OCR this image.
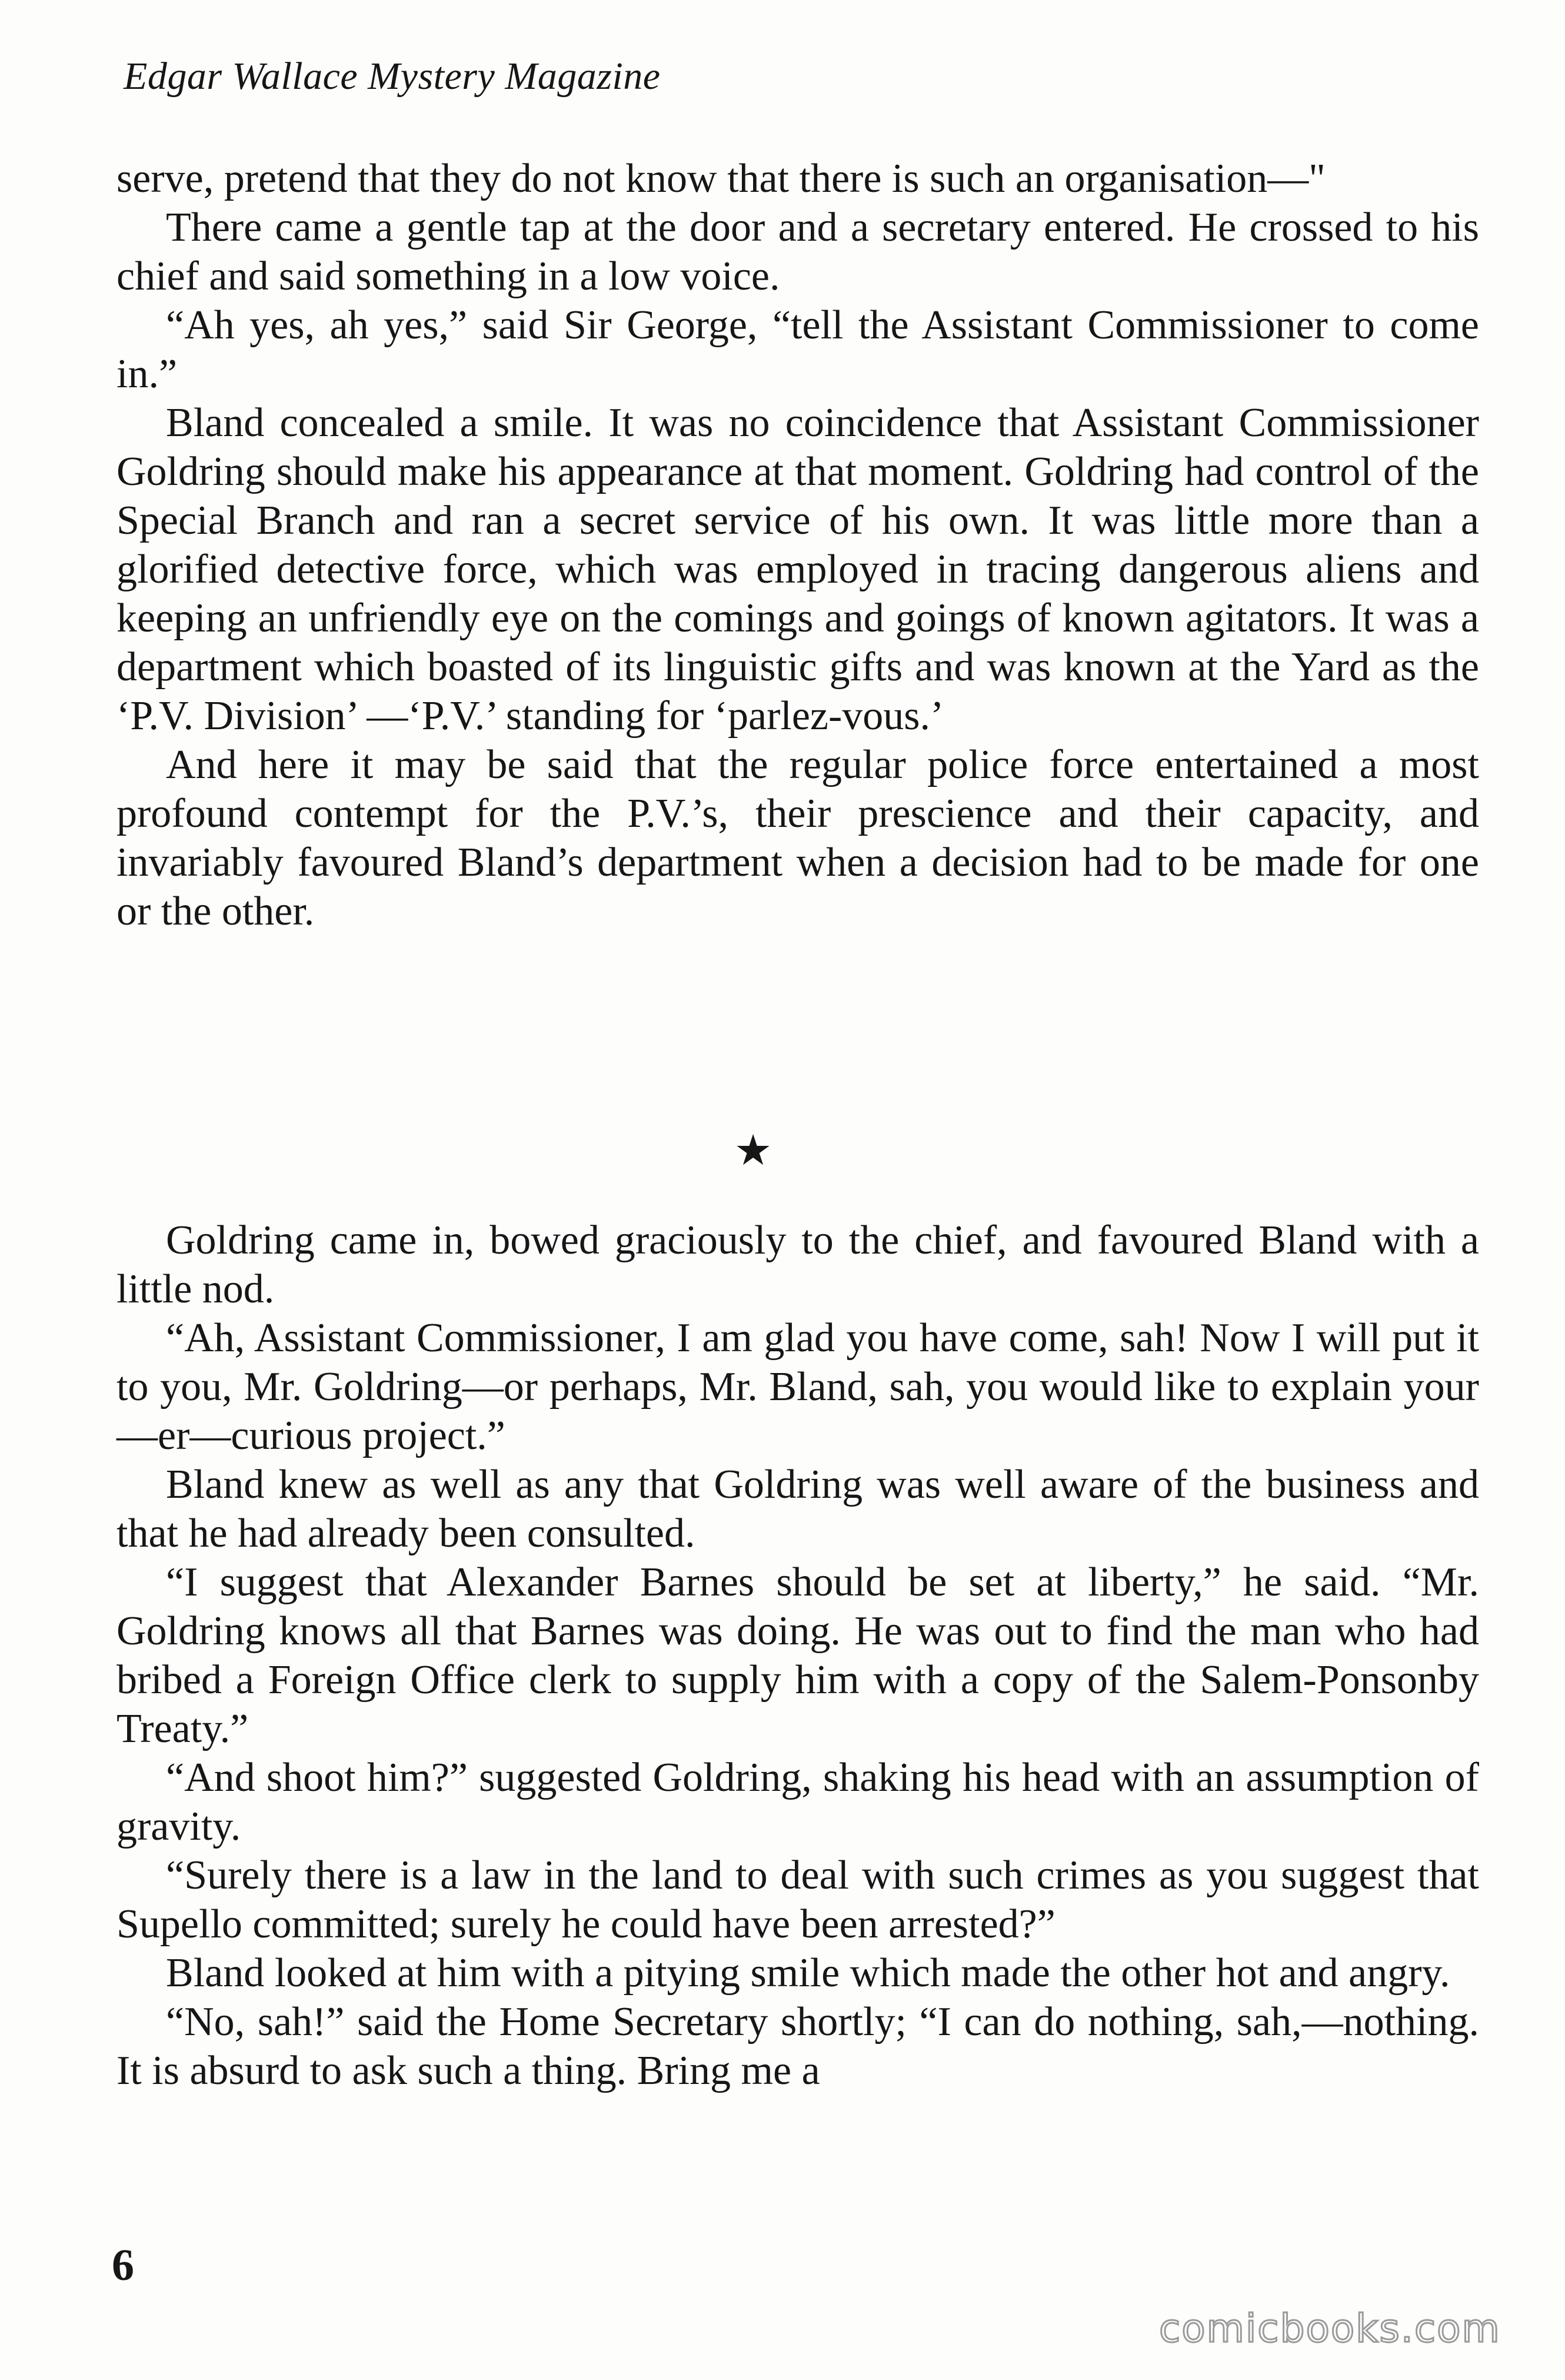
Edgar Wallace Mystery Magazine

serve, pretend that they do not know that there is such an organisation—"

There came a gentle tap at the door and a secretary entered. He crossed to his chief and said something in a low voice.

“Ah yes, ah yes,” said Sir George, “tell the Assistant Commissioner to come in.”

Bland concealed a smile. It was no coincidence that Assistant Commissioner Goldring should make his appearance at that moment. Goldring had control of the Special Branch and ran a secret service of his own. It was little more than a glorified detective force, which was employed in tracing dangerous aliens and keeping an unfriendly eye on the comings and goings of known agitators. It was a department which boasted of its linguistic gifts and was known at the Yard as the ‘P.V. Division’ —‘P.V.’ standing for ‘parlez-vous.’

And here it may be said that the regular police force entertained a most profound contempt for the P.V.’s, their prescience and their capacity, and invariably favoured Bland’s department when a decision had to be made for one or the other.

★

Goldring came in, bowed graciously to the chief, and favoured Bland with a little nod.

“Ah, Assistant Commissioner, I am glad you have come, sah! Now I will put it to you, Mr. Goldring—or perhaps, Mr. Bland, sah, you would like to explain your—er—curious project.”

Bland knew as well as any that Goldring was well aware of the business and that he had already been consulted.

“I suggest that Alexander Barnes should be set at liberty,” he said. “Mr. Goldring knows all that Barnes was doing. He was out to find the man who had bribed a Foreign Office clerk to supply him with a copy of the Salem-Ponsonby Treaty.”

“And shoot him?” suggested Goldring, shaking his head with an assumption of gravity.

“Surely there is a law in the land to deal with such crimes as you suggest that Supello committed; surely he could have been arrested?”

Bland looked at him with a pitying smile which made the other hot and angry.

“No, sah!” said the Home Secretary shortly; “I can do nothing, sah,—nothing. It is absurd to ask such a thing. Bring me a

6
comicbooks.com
